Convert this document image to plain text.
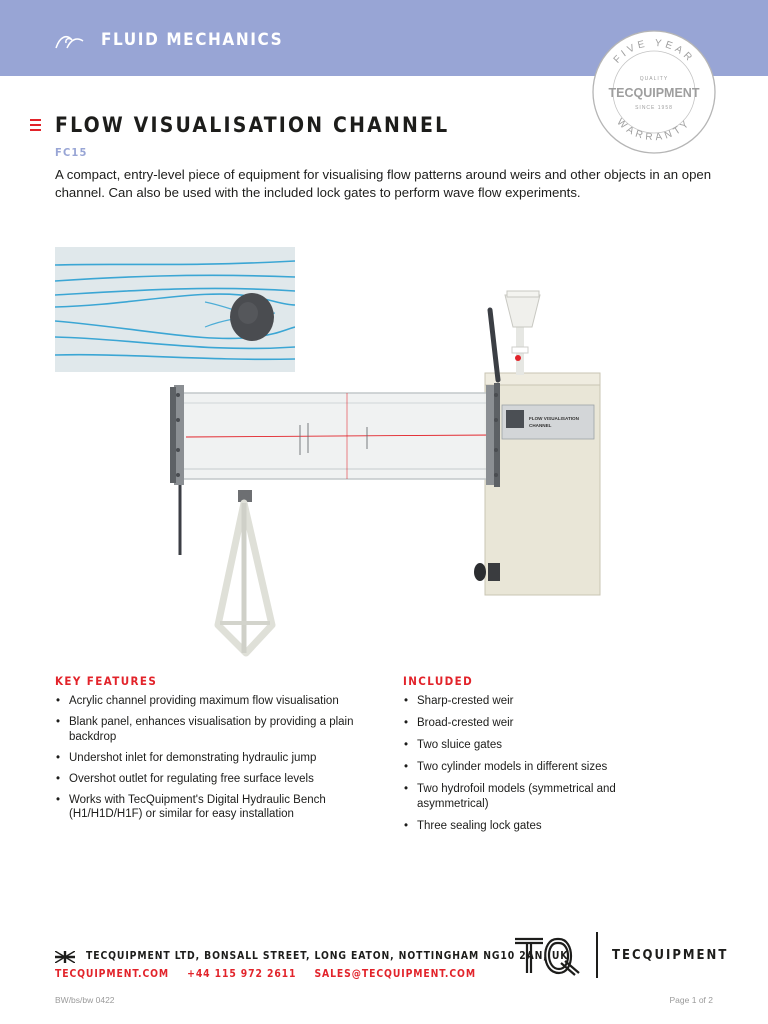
FLUID MECHANICS
FIVE YEAR
WARRANTY
QUALITY
TECQUIPMENT
SINCE 1958
FLOW VISUALISATION CHANNEL
FC15
A compact, entry-level piece of equipment for visualising flow patterns around weirs and other objects in an open channel. Can also be used with the included lock gates to perform wave flow experiments.
FLOW VISUALISATION
CHANNEL
KEY FEATURES
• Acrylic channel providing maximum flow visualisation
• Blank panel, enhances visualisation by providing a plain backdrop
• Undershot inlet for demonstrating hydraulic jump
• Overshot outlet for regulating free surface levels
• Works with TecQuipment's Digital Hydraulic Bench (H1/H1D/H1F) or similar for easy installation
INCLUDED
• Sharp-crested weir
• Broad-crested weir
• Two sluice gates
• Two cylinder models in different sizes
• Two hydrofoil models (symmetrical and asymmetrical)
• Three sealing lock gates
TECQUIPMENT LTD, BONSALL STREET, LONG EATON, NOTTINGHAM NG10 2AN, UK
TECQUIPMENT.COM +44 115 972 2611 SALES@TECQUIPMENT.COM
TECQUIPMENT
BW/bs/bw 0422	Page 1 of 2
